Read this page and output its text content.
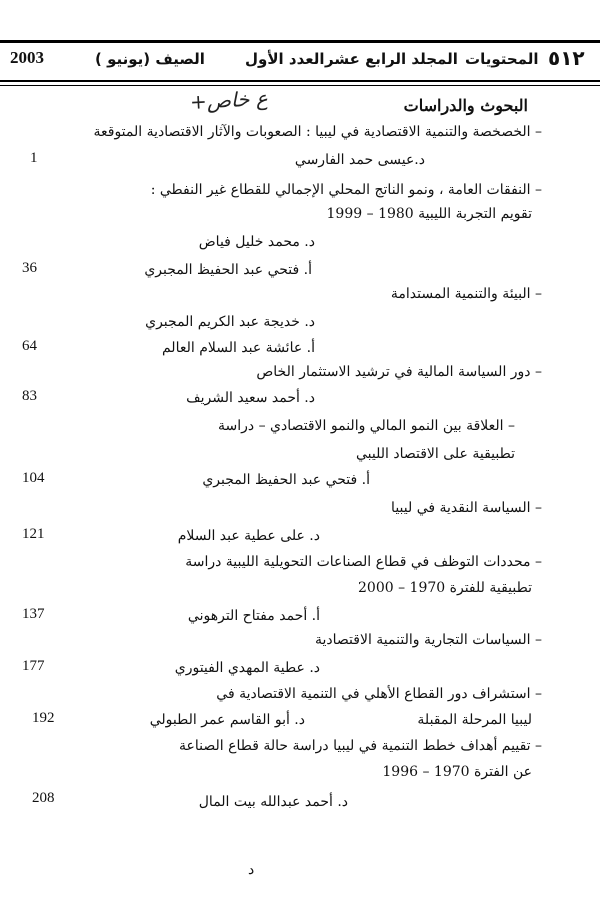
٥١٢
المحتويات
المجلد الرابع عشر
العدد الأول
الصيف (يونيو )
2003
+ع خاص	البحوث والدراسات
– الخصخصة والتنمية الاقتصادية في ليبيا : الصعوبات والآثار الاقتصادية المتوقعة
د.عيسى حمد الفارسي
1
– النفقات العامة ، ونمو الناتج المحلي الإجمالي للقطاع غير النفطي :
تقويم التجربة الليبية 1980 – 1999
د. محمد خليل فياض
أ. فتحي عبد الحفيظ المجبري
36
– البيئة والتنمية المستدامة
د. خديجة عبد الكريم المجبري
أ. عائشة عبد السلام العالم
64
– دور السياسة المالية في ترشيد الاستثمار الخاص
د. أحمد سعيد الشريف
83
– العلاقة بين النمو المالي والنمو الاقتصادي – دراسة
تطبيقية على الاقتصاد الليبي
أ. فتحي عبد الحفيظ المجبري
104
– السياسة النقدية في ليبيا
د. على عطية عبد السلام
121
– محددات التوظف في قطاع الصناعات التحويلية الليبية دراسة
تطبيقية للفترة 1970 – 2000
أ. أحمد مفتاح الترهوني
137
– السياسات التجارية والتنمية الاقتصادية
د. عطية المهدي الفيتوري
177
– استشراف دور القطاع الأهلي في التنمية الاقتصادية في
ليبيا المرحلة المقبلة
د. أبو القاسم عمر الطبولي
192
– تقييم أهداف خطط التنمية في ليبيا دراسة حالة قطاع الصناعة
عن الفترة 1970 – 1996
د. أحمد عبدالله بيت المال
208
د
